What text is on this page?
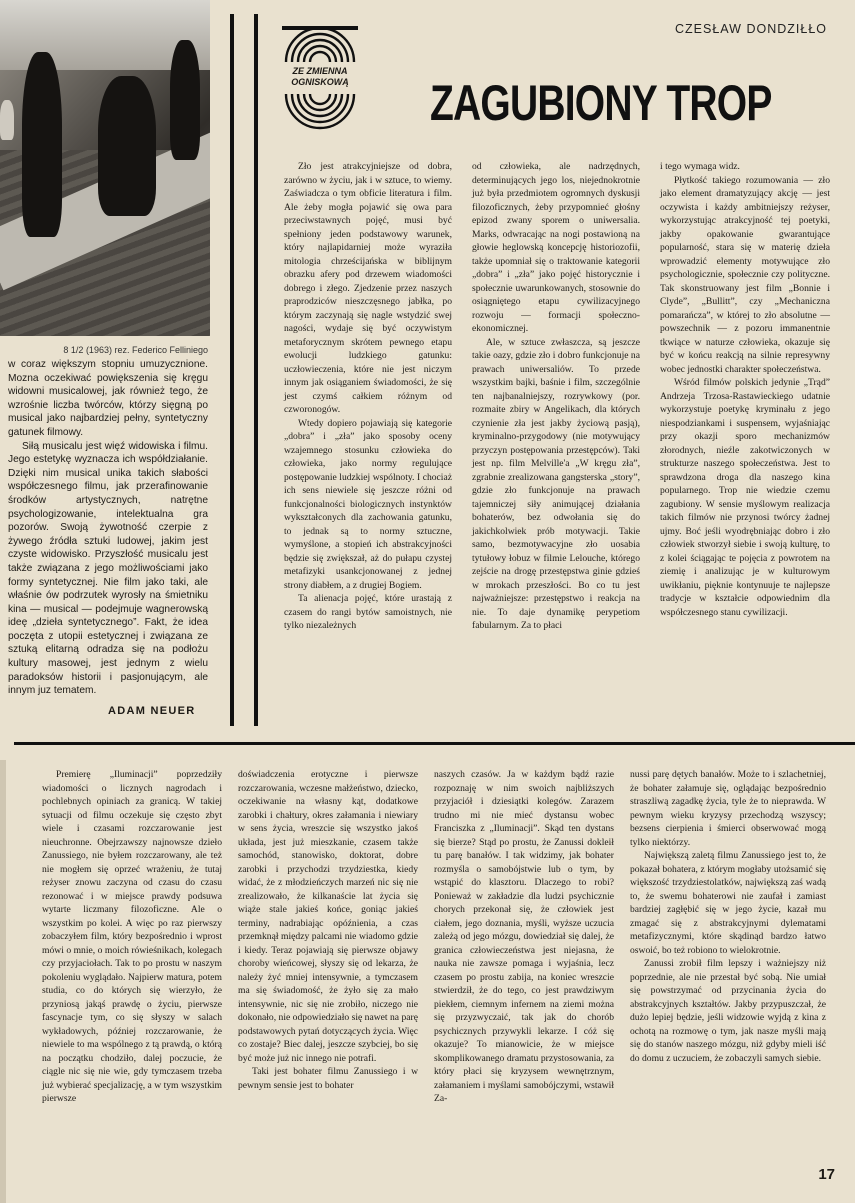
8 1/2 (1963) rez. Federico Felliniego

w coraz większym stopniu umuzycznione. Mozna oczekiwać powiększenia się kręgu widowni musicalowej, jak również tego, że wzrośnie liczba twórców, którzy sięgną po musical jako najbardziej pełny, syntetyczny gatunek filmowy.

Siłą musicalu jest więź widowiska i filmu. Jego estetykę wyznacza ich współdziałanie. Dzięki nim musical unika takich słabości współczesnego filmu, jak przerafinowanie środków artystycznych, natrętne psychologizowanie, intelektualna gra pozorów. Swoją żywotność czerpie z żywego źródła sztuki ludowej, jakim jest czyste widowisko. Przyszłość musicalu jest także związana z jego możliwościami jako formy syntetycznej. Nie film jako taki, ale właśnie ów podrzutek wyrosły na śmietniku kina — musical — podejmuje wagnerowską ideę „dzieła syntetycznego”. Fakt, że idea poczęta z utopii estetycznej i związana ze sztuką elitarną odradza się na podłożu kultury masowej, jest jednym z wielu paradoksów historii i pasjonującym, ale innym juz tematem.

ADAM NEUER
CZESŁAW DONDZIŁŁO
ZE ZMIENNA
OGNISKOWĄ ZAGUBIONY TROP

Zło jest atrakcyjniejsze od dobra, zarówno w życiu, jak i w sztuce, to wiemy. Zaświadcza o tym obficie literatura i film. Ale żeby mogła pojawić się owa para przeciwstawnych pojęć, musi być spełniony jeden podstawowy warunek, który najlapidarniej może wyraziła mitologia chrześcijańska w biblijnym obrazku afery pod drzewem wiadomości dobrego i złego. Zjedzenie przez naszych praprodziców nieszczęsnego jabłka, po którym zaczynają się nagle wstydzić swej nagości, wydaje się być oczywistym metaforycznym skrótem pewnego etapu ewolucji ludzkiego gatunku: uczłowieczenia, które nie jest niczym innym jak osiąganiem świadomości, że się jest czymś całkiem różnym od czworonogów.

Wtedy dopiero pojawiają się kategorie „dobra” i „zła” jako sposoby oceny wzajemnego stosunku człowieka do człowieka, jako normy regulujące postępowanie ludzkiej wspólnoty. I chociaż ich sens niewiele się jeszcze różni od funkcjonalności biologicznych instynktów wykształconych dla zachowania gatunku, to jednak są to normy sztuczne, wymyślone, a stopień ich abstrakcyjności będzie się zwiększał, aż do pułapu czystej metafizyki usankcjonowanej z jednej strony diabłem, a z drugiej Bogiem.

Ta alienacja pojęć, które urastają z czasem do rangi bytów samoistnych, nie tylko niezależnych

od człowieka, ale nadrzędnych, determinujących jego los, niejednokrotnie już była przedmiotem ogromnych dyskusji filozoficznych, żeby przypomnieć głośny epizod zwany sporem o uniwersalia. Marks, odwracając na nogi postawioną na głowie heglowską koncepcję historiozofii, także upomniał się o traktowanie kategorii „dobra” i „zła” jako pojęć historycznie i społecznie uwarunkowanych, stosownie do osiągniętego etapu cywilizacyjnego rozwoju — formacji społeczno-ekonomicznej.

Ale, w sztuce zwłaszcza, są jeszcze takie oazy, gdzie zło i dobro funkcjonuje na prawach uniwersaliów. To przede wszystkim bajki, baśnie i film, szczególnie ten najbanalniejszy, rozrywkowy (por. rozmaite zbiry w Angelikach, dla których czynienie zła jest jakby życiową pasją), kryminalno-przygodowy (nie motywujący przyczyn postępowania przestępców). Taki jest np. film Melville'a „W kręgu zła”, zgrabnie zrealizowana gangsterska „story”, gdzie zło funkcjonuje na prawach tajemniczej siły animującej działania bohaterów, bez odwołania się do jakichkolwiek prób motywacji. Takie samo, bezmotywacyjne zło uosabia tytułowy łobuz w filmie Lelouche, którego zejście na drogę przestępstwa ginie gdzieś w mrokach przeszłości. Bo co tu jest najważniejsze: przestępstwo i reakcja na nie. To daje dynamikę perypetiom fabularnym. Za to płaci

i tego wymaga widz.

Płytkość takiego rozumowania — zło jako element dramatyzujący akcję — jest oczywista i każdy ambitniejszy reżyser, wykorzystując atrakcyjność tej poetyki, jakby opakowanie gwarantujące popularność, stara się w materię dzieła wprowadzić elementy motywujące zło psychologicznie, społecznie czy polityczne. Tak skonstruowany jest film „Bonnie i Clyde”, „Bullitt”, czy „Mechaniczna pomarańcza”, w której to zło absolutne — powszechnik — z pozoru immanentnie tkwiące w naturze człowieka, okazuje się być w końcu reakcją na silnie represywny wobec jednostki charakter społeczeństwa.

Wśród filmów polskich jedynie „Trąd” Andrzeja Trzosa-Rastawieckiego udatnie wykorzystuje poetykę kryminału z jego niespodziankami i suspensem, wyjaśniając przy okazji sporo mechanizmów złorodnych, nieźle zakotwiczonych w strukturze naszego społeczeństwa. Jest to sprawdzona droga dla naszego kina popularnego. Trop nie wiedzie czemu zagubiony. W sensie myślowym realizacja takich filmów nie przynosi twórcy żadnej ujmy. Boć jeśli wyodrębniając dobro i zło człowiek stworzył siebie i swoją kulturę, to z kolei ściągając te pojęcia z powrotem na ziemię i analizując je w kulturowym uwikłaniu, pięknie kontynuuje te najlepsze tradycje w kształcie odpowiednim dla współczesnego stanu cywilizacji.

Premierę „Iluminacji” poprzedziły wiadomości o licznych nagrodach i pochlebnych opiniach za granicą. W takiej sytuacji od filmu oczekuje się często zbyt wiele i czasami rozczarowanie jest nieuchronne. Obejrzawszy najnowsze dzieło Zanussiego, nie byłem rozczarowany, ale też nie mogłem się oprzeć wrażeniu, że tutaj reżyser znowu zaczyna od czasu do czasu rezonować i w miejsce prawdy podsuwa wytarte liczmany filozoficzne. Ale o wszystkim po kolei. A więc po raz pierwszy zobaczyłem film, który bezpośrednio i wprost mówi o mnie, o moich rówieśnikach, kolegach czy przyjaciołach. Tak to po prostu w naszym pokoleniu wyglądało. Najpierw matura, potem studia, co do których się wierzyło, że przyniosą jakąś prawdę o życiu, pierwsze fascynacje tym, co się słyszy w salach wykładowych, później rozczarowanie, że niewiele to ma wspólnego z tą prawdą, o którą na początku chodziło, dalej poczucie, że ciągle nic się nie wie, gdy tymczasem trzeba już wybierać specjalizację, a w tym wszystkim pierwsze

doświadczenia erotyczne i pierwsze rozczarowania, wczesne małżeństwo, dziecko, oczekiwanie na własny kąt, dodatkowe zarobki i chałtury, okres załamania i niewiary w sens życia, wreszcie się wszystko jakoś układa, jest już mieszkanie, czasem także samochód, stanowisko, doktorat, dobre zarobki i przychodzi trzydziestka, kiedy widać, że z młodzieńczych marzeń nic się nie zrealizowało, że kilkanaście lat życia się wiąże stale jakieś końce, goniąc jakieś terminy, nadrabiając opóźnienia, a czas przemknął między palcami nie wiadomo gdzie i kiedy. Teraz pojawiają się pierwsze objawy choroby wieńcowej, słyszy się od lekarza, że należy żyć mniej intensywnie, a tymczasem ma się świadomość, że żyło się za mało intensywnie, nic się nie zrobiło, niczego nie dokonało, nie odpowiedziało się nawet na parę podstawowych pytań dotyczących życia. Więc co zostaje? Biec dalej, jeszcze szybciej, bo się być może już nic innego nie potrafi.

Taki jest bohater filmu Zanussiego i w pewnym sensie jest to bohater

naszych czasów. Ja w każdym bądź razie rozpoznaję w nim swoich najbliższych przyjaciół i dziesiątki kolegów. Zarazem trudno mi nie mieć dystansu wobec Franciszka z „Iluminacji”. Skąd ten dystans się bierze? Stąd po prostu, że Zanussi dokleił tu parę banałów. I tak widzimy, jak bohater rozmyśla o samobójstwie lub o tym, by wstąpić do klasztoru. Dlaczego to robi? Ponieważ w zakładzie dla ludzi psychicznie chorych przekonał się, że człowiek jest ciałem, jego doznania, myśli, wyższe uczucia zależą od jego mózgu, dowiedział się dalej, że granica człowieczeństwa jest niejasna, że nauka nie zawsze pomaga i wyjaśnia, lecz czasem po prostu zabija, na koniec wreszcie stwierdził, że do tego, co jest prawdziwym piekłem, ciemnym infernem na ziemi można się przyzwyczaić, tak jak do chorób psychicznych przywykli lekarze. I cóż się okazuje? To mianowicie, że w miejsce skomplikowanego dramatu przystosowania, za który płaci się kryzysem wewnętrznym, załamaniem i myślami samobójczymi, wstawił Za-

nussi parę dętych banałów. Może to i szlachetniej, że bohater załamuje się, oglądając bezpośrednio straszliwą zagadkę życia, tyle że to nieprawda. W pewnym wieku kryzysy przechodzą wszyscy; bezsens cierpienia i śmierci obserwować mogą tylko niektórzy.

Największą zaletą filmu Zanussiego jest to, że pokazał bohatera, z którym mogłaby utożsamić się większość trzydziestolatków, największą zaś wadą to, że swemu bohaterowi nie zaufał i zamiast bardziej zagłębić się w jego życie, kazał mu zmagać się z abstrakcyjnymi dylematami metafizycznymi, które skądinąd bardzo łatwo oswoić, bo też robiono to wielokrotnie.

Zanussi zrobił film lepszy i ważniejszy niż poprzednie, ale nie przestał być sobą. Nie umiał się powstrzymać od przycinania życia do abstrakcyjnych kształtów. Jakby przypuszczał, że dużo lepiej będzie, jeśli widzowie wyjdą z kina z ochotą na rozmowę o tym, jak nasze myśli mają się do stanów naszego mózgu, niż gdyby mieli iść do domu z uczuciem, że zobaczyli samych siebie.

17
